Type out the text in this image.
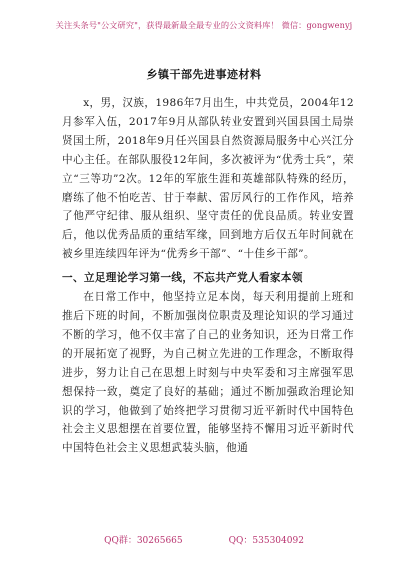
关注头条号"公文研究"，获得最新最全最专业的公文资料库！ 微信：gongwenyj
乡镇干部先进事迹材料

x，男，汉族，1986年7月出生，中共党员，2004年12月参军入伍，2017年9月从部队转业安置到兴国县国土局崇贤国土所，2018年9月任兴国县自然资源局服务中心兴江分中心主任。在部队服役12年间，多次被评为“优秀士兵”，荣立“三等功”2次。12年的军旅生涯和英雄部队特殊的经历，磨练了他不怕吃苦、甘于奉献、雷厉风行的工作作风，培养了他严守纪律、服从组织、坚守责任的优良品质。转业安置后，他以优秀品质的重结军缘，回到地方后仅五年时间就在被乡里连续四年评为“优秀乡干部”、“十佳乡干部”。

一、立足理论学习第一线，不忘共产党人看家本领

在日常工作中，他坚持立足本岗，每天利用提前上班和推后下班的时间，不断加强岗位职责及理论知识的学习通过不断的学习，他不仅丰富了自己的业务知识，还为日常工作的开展拓宽了视野，为自己树立先进的工作理念，不断取得进步，努力让自己在思想上时刻与中央军委和习主席强军思想保持一致，奠定了良好的基础；通过不断加强政治理论知识的学习，他做到了始终把学习贯彻习近平新时代中国特色社会主义思想摆在首要位置，能够坚持不懈用习近平新时代中国特色社会主义思想武装头脑，他通

QQ群：30265665	QQ：535304092
